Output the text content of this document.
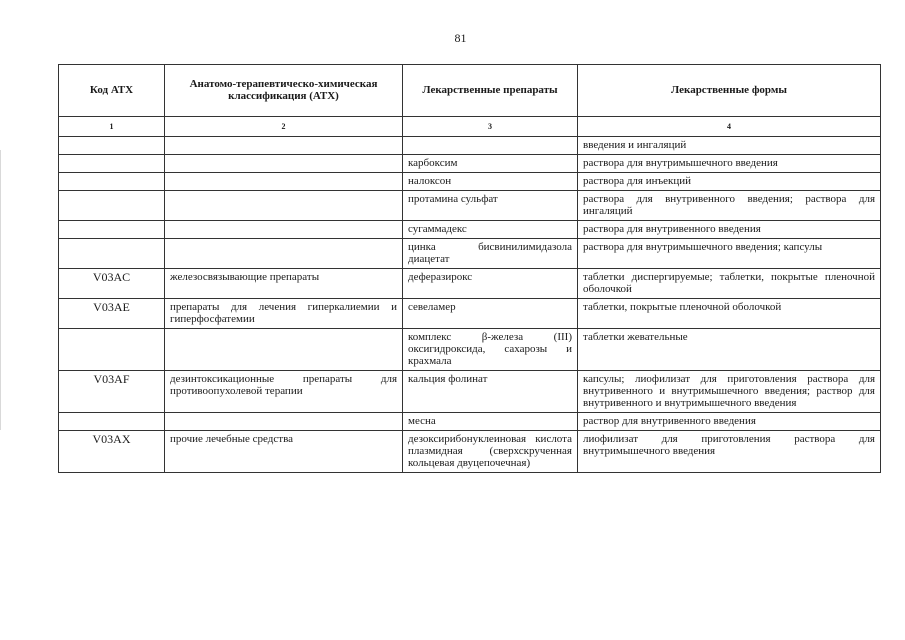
81
Код АТХ	Анатомо-терапевтическо-химическая классификация (АТХ)	Лекарственные препараты	Лекарственные формы
1	2	3	4
			введения и ингаляций
		карбоксим	раствора для внутримышечного введения
		налоксон	раствора для инъекций
		протамина сульфат	раствора для внутривенного введения; раствора для ингаляций
		сугаммадекс	раствора для внутривенного введения
		цинка бисвинилимидазола диацетат	раствора для внутримышечного введения; капсулы
V03AC	железосвязывающие препараты	деферазирокс	таблетки диспергируемые; таблетки, покрытые пленочной оболочкой
V03AE	препараты для лечения гиперкалиемии и гиперфосфатемии	севеламер	таблетки, покрытые пленочной оболочкой
		комплекс β-железа (III) оксигидроксида, сахарозы и крахмала	таблетки жевательные
V03AF	дезинтоксикационные препараты для противоопухолевой терапии	кальция фолинат	капсулы; лиофилизат для приготовления раствора для внутривенного и внутримышечного введения; раствор для внутривенного и внутримышечного введения
		месна	раствор для внутривенного введения
V03AX	прочие лечебные средства	дезоксирибонуклеиновая кислота плазмидная (сверхскрученная кольцевая двуцепочечная)	лиофилизат для приготовления раствора для внутримышечного введения
